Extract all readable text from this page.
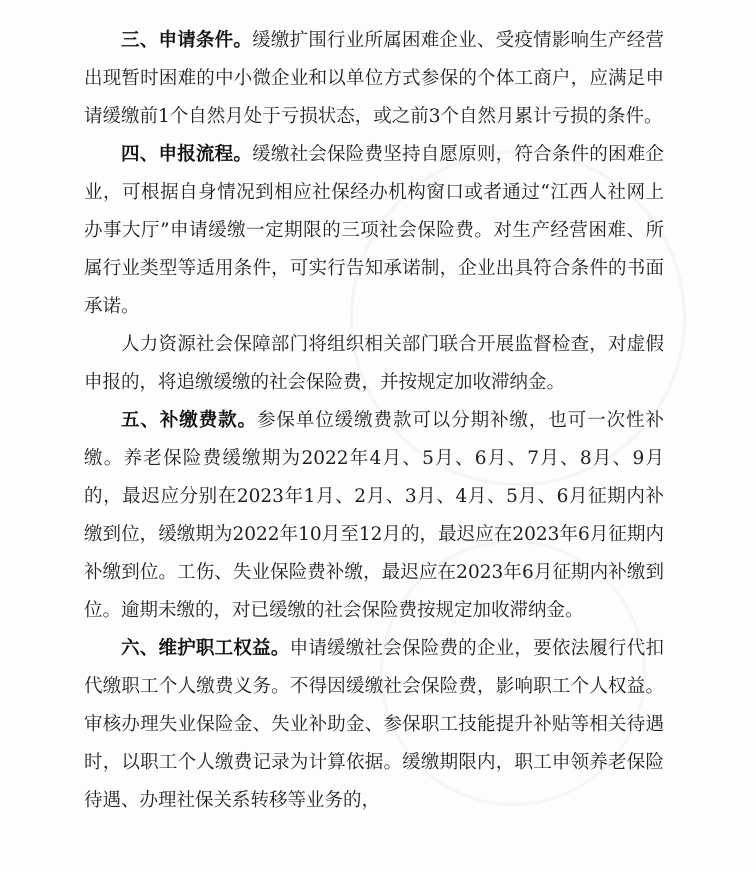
三、申请条件。缓缴扩围行业所属困难企业、受疫情影响生产经营出现暂时困难的中小微企业和以单位方式参保的个体工商户，应满足申请缓缴前1个自然月处于亏损状态，或之前3个自然月累计亏损的条件。

四、申报流程。缓缴社会保险费坚持自愿原则，符合条件的困难企业，可根据自身情况到相应社保经办机构窗口或者通过“江西人社网上办事大厅”申请缓缴一定期限的三项社会保险费。对生产经营困难、所属行业类型等适用条件，可实行告知承诺制，企业出具符合条件的书面承诺。

人力资源社会保障部门将组织相关部门联合开展监督检查，对虚假申报的，将追缴缓缴的社会保险费，并按规定加收滞纳金。

五、补缴费款。参保单位缓缴费款可以分期补缴，也可一次性补缴。养老保险费缓缴期为2022年4月、5月、6月、7月、8月、9月的，最迟应分别在2023年1月、2月、3月、4月、5月、6月征期内补缴到位，缓缴期为2022年10月至12月的，最迟应在2023年6月征期内补缴到位。工伤、失业保险费补缴，最迟应在2023年6月征期内补缴到位。逾期未缴的，对已缓缴的社会保险费按规定加收滞纳金。

六、维护职工权益。申请缓缴社会保险费的企业，要依法履行代扣代缴职工个人缴费义务。不得因缓缴社会保险费，影响职工个人权益。审核办理失业保险金、失业补助金、参保职工技能提升补贴等相关待遇时，以职工个人缴费记录为计算依据。缓缴期限内，职工申领养老保险待遇、办理社保关系转移等业务的，
